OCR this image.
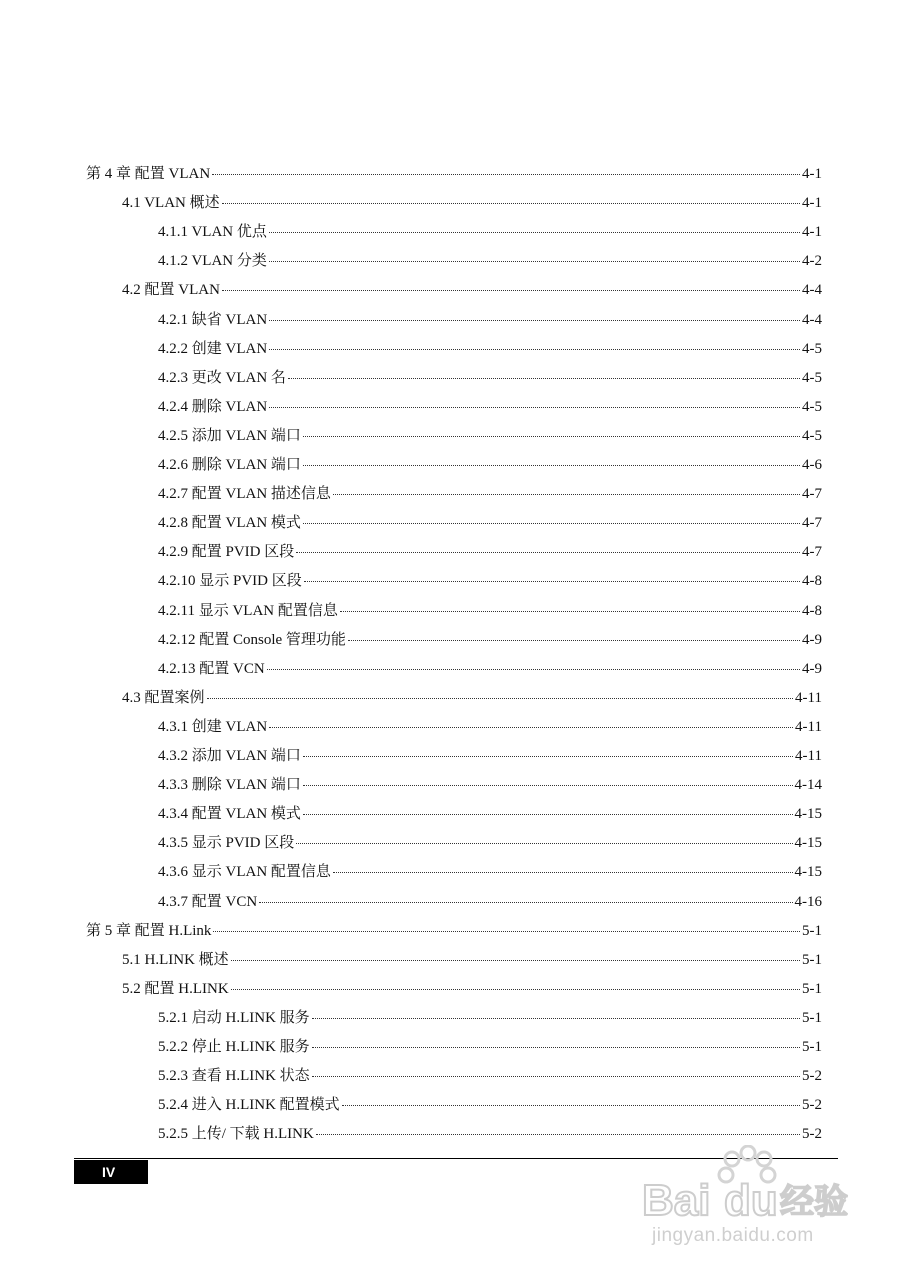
第 4 章 配置 VLAN	4-1
4.1 VLAN 概述	4-1
4.1.1 VLAN 优点	4-1
4.1.2 VLAN 分类	4-2
4.2 配置 VLAN	4-4
4.2.1 缺省 VLAN	4-4
4.2.2 创建 VLAN	4-5
4.2.3 更改 VLAN 名	4-5
4.2.4 删除 VLAN	4-5
4.2.5 添加 VLAN 端口	4-5
4.2.6 删除 VLAN 端口	4-6
4.2.7 配置 VLAN 描述信息	4-7
4.2.8 配置 VLAN 模式	4-7
4.2.9 配置 PVID 区段	4-7
4.2.10 显示 PVID 区段	4-8
4.2.11 显示 VLAN 配置信息	4-8
4.2.12 配置 Console 管理功能	4-9
4.2.13 配置 VCN	4-9
4.3 配置案例	4-11
4.3.1 创建 VLAN	4-11
4.3.2 添加 VLAN 端口	4-11
4.3.3 删除 VLAN 端口	4-14
4.3.4 配置 VLAN 模式	4-15
4.3.5 显示 PVID 区段	4-15
4.3.6 显示 VLAN 配置信息	4-15
4.3.7 配置 VCN	4-16
第 5 章 配置 H.Link	5-1
5.1 H.LINK 概述	5-1
5.2 配置 H.LINK	5-1
5.2.1 启动 H.LINK 服务	5-1
5.2.2 停止 H.LINK 服务	5-1
5.2.3 查看 H.LINK 状态	5-2
5.2.4 进入 H.LINK 配置模式	5-2
5.2.5 上传/ 下载 H.LINK	5-2
IV
Bai du 经验
jingyan.baidu.com
